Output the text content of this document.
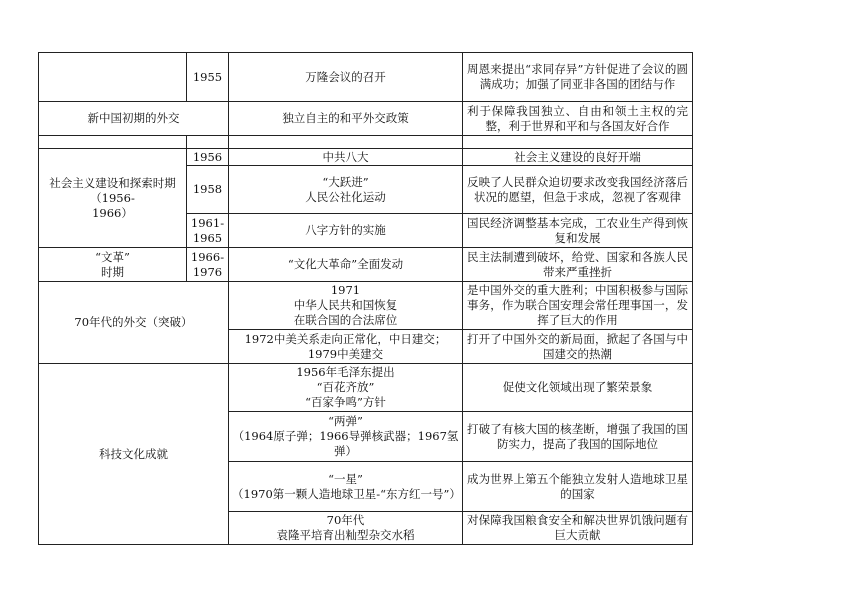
	1955	万隆会议的召开	周恩来提出“求同存异”方针促进了会议的圆满成功；加强了同亚非各国的团结与作
新中国初期的外交		独立自主的和平外交政策	利于保障我国独立、自由和领土主权的完整，利于世界和平和与各国友好合作

社会主义建设和探索时期
（1956-
1966）	1956	中共八大	社会主义建设的良好开端
	1958	“大跃进”
人民公社化运动	反映了人民群众迫切要求改变我国经济落后状况的愿望，但急于求成，忽视了客观律
	1961-
1965	八字方针的实施	国民经济调整基本完成，工农业生产得到恢复和发展
“文革”
时期	1966-
1976	“文化大革命”全面发动	民主法制遭到破坏，给党、国家和各族人民带来严重挫折
70年代的外交（突破）		1971
中华人民共和国恢复
在联合国的合法席位	是中国外交的重大胜利；中国积极参与国际事务，作为联合国安理会常任理事国一，发挥了巨大的作用
		1972中美关系走向正常化，中日建交；
1979中美建交	打开了中国外交的新局面，掀起了各国与中国建交的热潮
科技文化成就		1956年毛泽东提出
“百花齐放”
“百家争鸣”方针	促使文化领域出现了繁荣景象
		“两弹”
（1964原子弹；1966导弹核武器；1967氢弹）	打破了有核大国的核垄断，增强了我国的国防实力，提高了我国的国际地位
		“一星”
（1970第一颗人造地球卫星-“东方红一号”）	成为世界上第五个能独立发射人造地球卫星的国家
		70年代
袁隆平培育出籼型杂交水稻	对保障我国粮食安全和解决世界饥饿问题有巨大贡献
